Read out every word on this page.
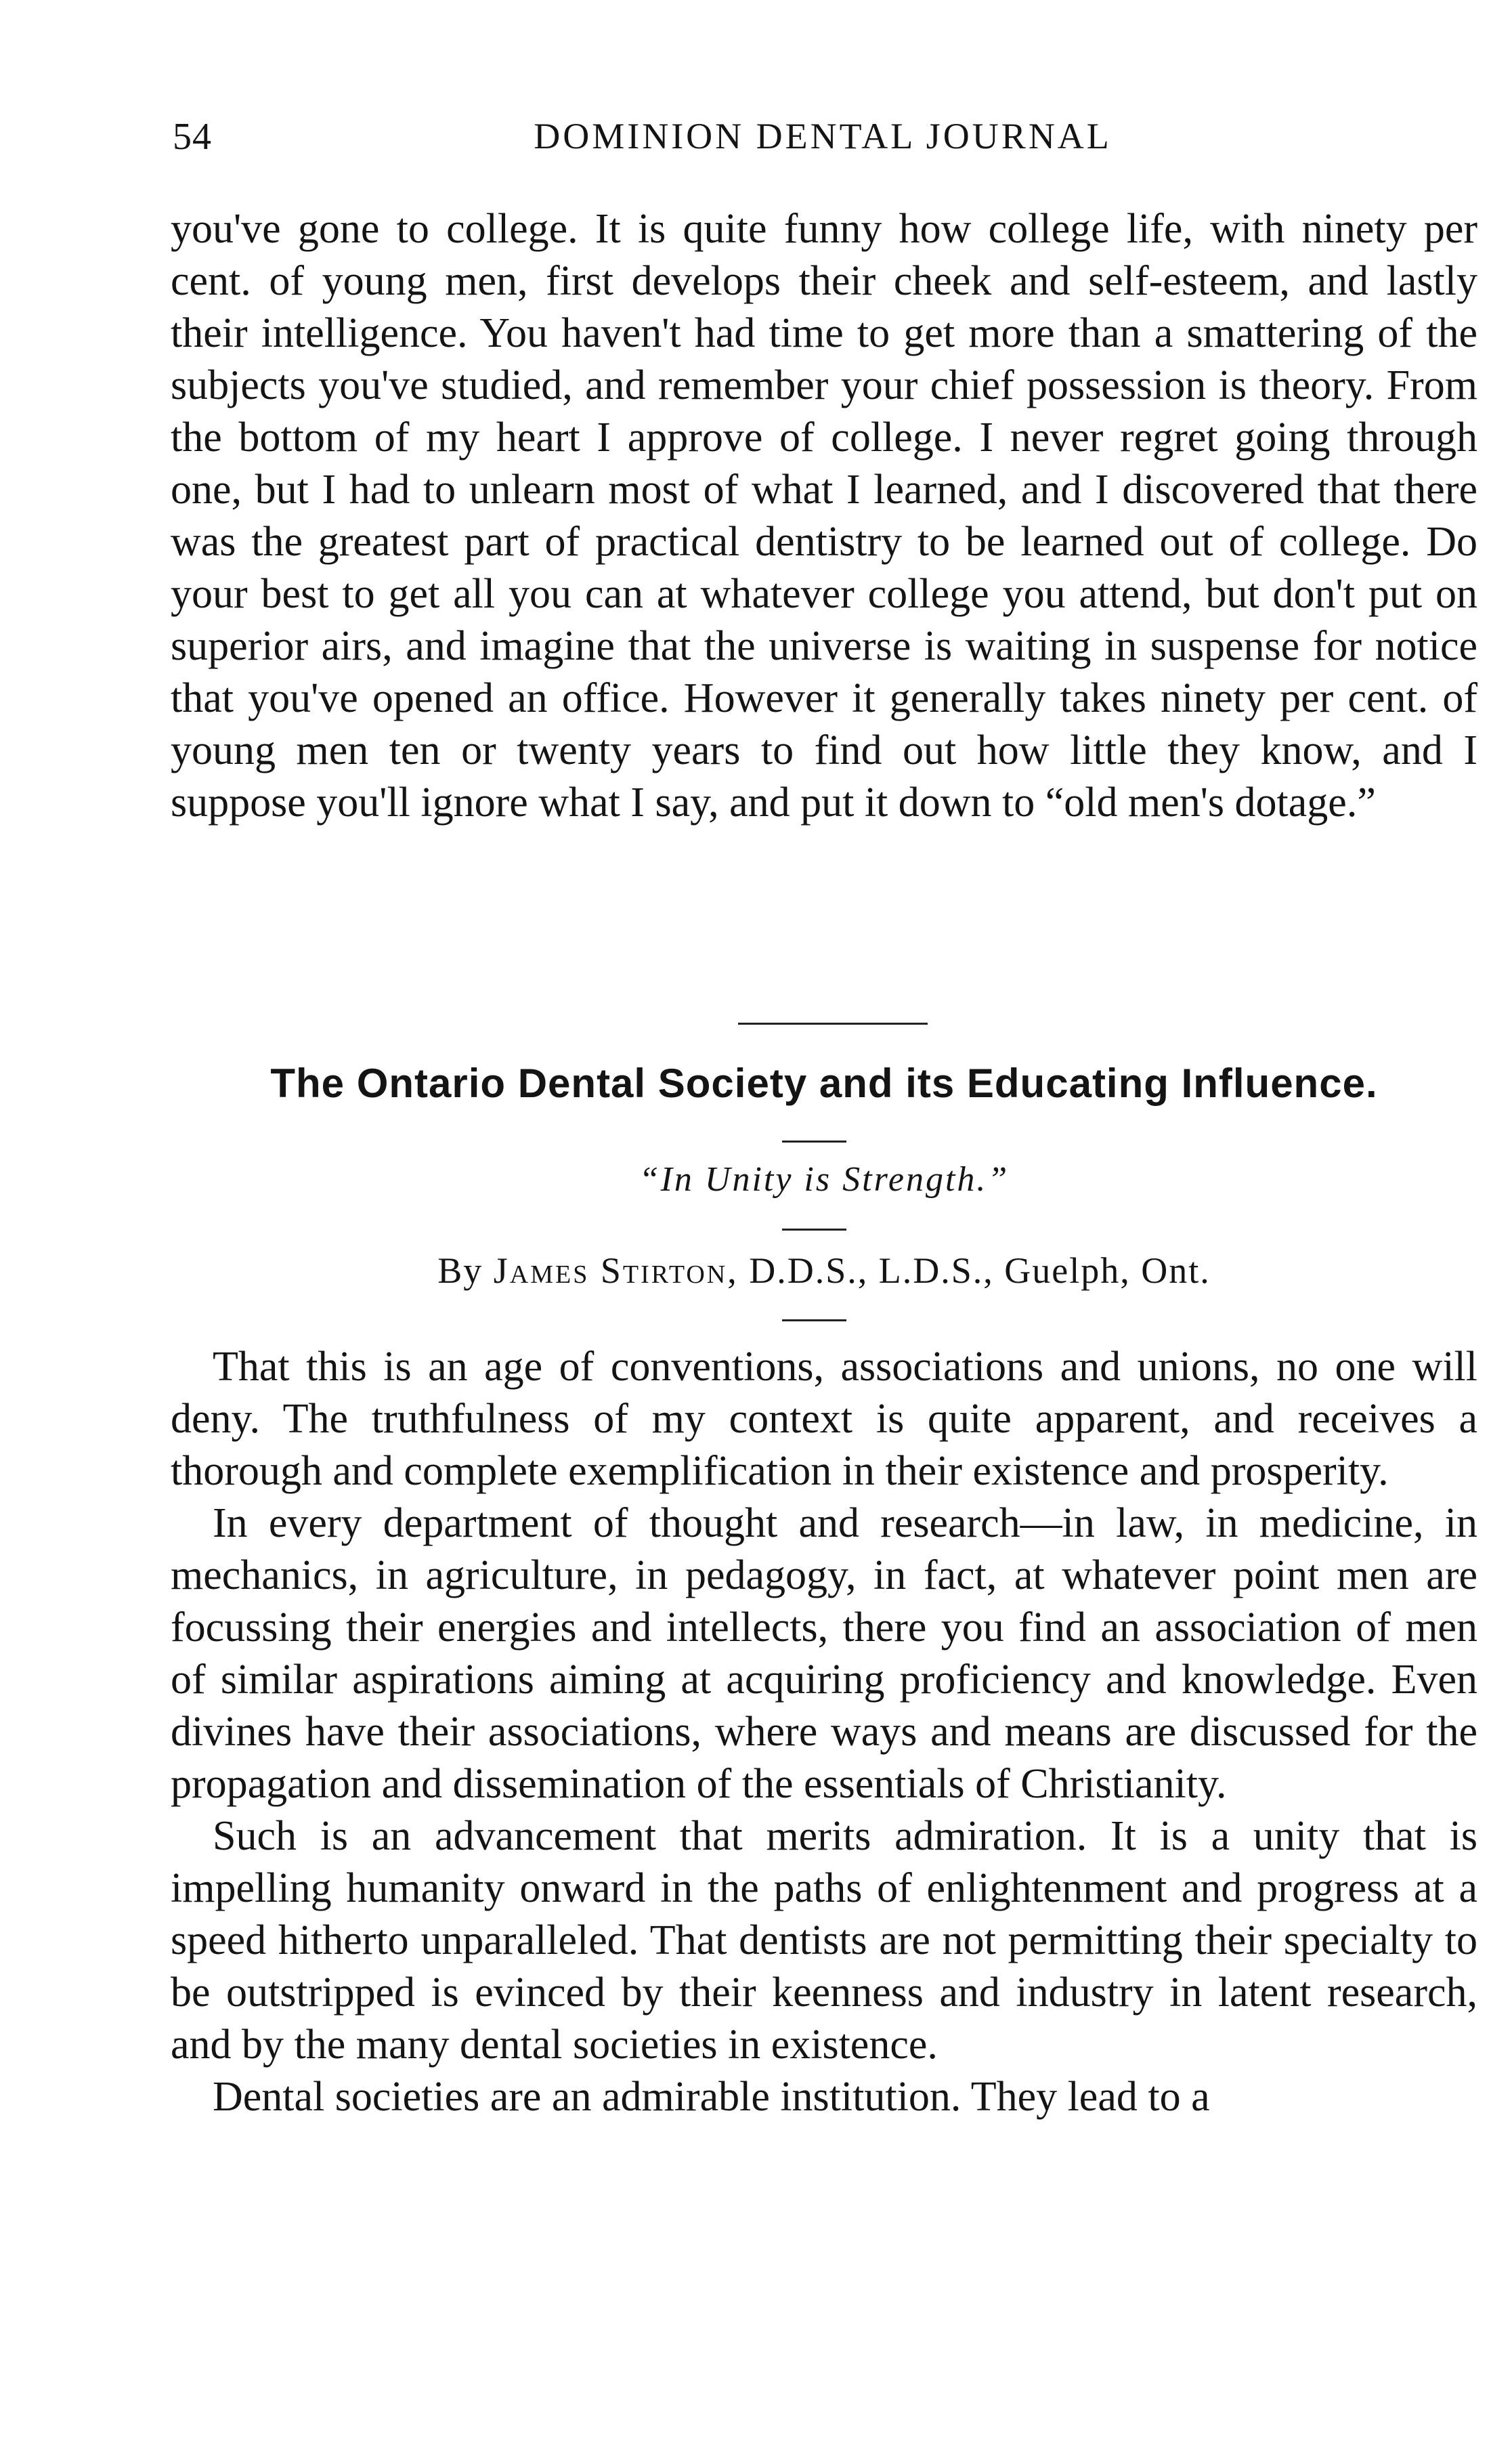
54	DOMINION DENTAL JOURNAL

you've gone to college. It is quite funny how college life, with ninety per cent. of young men, first develops their cheek and self-esteem, and lastly their intelligence. You haven't had time to get more than a smattering of the subjects you've studied, and remember your chief possession is theory. From the bottom of my heart I approve of college. I never regret going through one, but I had to unlearn most of what I learned, and I discovered that there was the greatest part of practical dentistry to be learned out of college. Do your best to get all you can at whatever college you attend, but don't put on superior airs, and imagine that the universe is waiting in suspense for notice that you've opened an office. However it generally takes ninety per cent. of young men ten or twenty years to find out how little they know, and I suppose you'll ignore what I say, and put it down to “old men's dotage.”

The Ontario Dental Society and its Educating Influence.
“In Unity is Strength.”
By James Stirton, D.D.S., L.D.S., Guelph, Ont.

That this is an age of conventions, associations and unions, no one will deny. The truthfulness of my context is quite apparent, and receives a thorough and complete exemplification in their existence and prosperity.

In every department of thought and research—in law, in medicine, in mechanics, in agriculture, in pedagogy, in fact, at whatever point men are focussing their energies and intellects, there you find an association of men of similar aspirations aiming at acquiring proficiency and knowledge. Even divines have their associations, where ways and means are discussed for the propagation and dissemination of the essentials of Christianity.

Such is an advancement that merits admiration. It is a unity that is impelling humanity onward in the paths of enlightenment and progress at a speed hitherto unparalleled. That dentists are not permitting their specialty to be outstripped is evinced by their keenness and industry in latent research, and by the many dental societies in existence.

Dental societies are an admirable institution. They lead to a
